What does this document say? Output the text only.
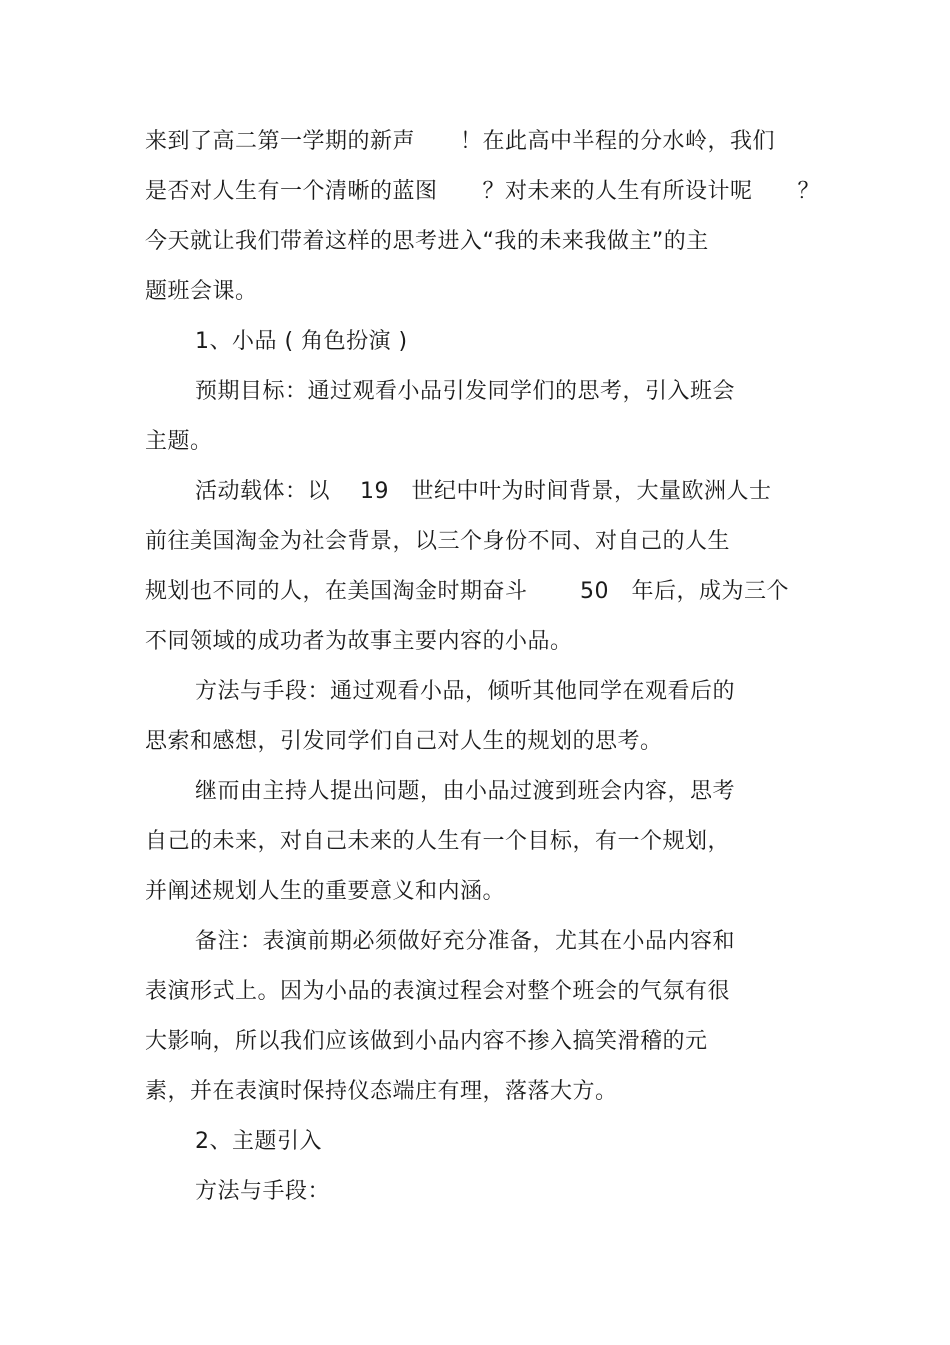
来到了高二第一学期的新声　　！在此高中半程的分水岭，我们
是否对人生有一个清晰的蓝图　　？对未来的人生有所设计呢　　？
今天就让我们带着这样的思考进入“我的未来我做主”的主
题班会课。
1、小品 ( 角色扮演 )
预期目标：通过观看小品引发同学们的思考，引入班会
主题。
活动载体：以　 19　世纪中叶为时间背景，大量欧洲人士
前往美国淘金为社会背景，以三个身份不同、对自己的人生
规划也不同的人，在美国淘金时期奋斗　　 50　年后，成为三个
不同领域的成功者为故事主要内容的小品。
方法与手段：通过观看小品，倾听其他同学在观看后的
思索和感想，引发同学们自己对人生的规划的思考。
继而由主持人提出问题，由小品过渡到班会内容，思考
自己的未来，对自己未来的人生有一个目标，有一个规划，
并阐述规划人生的重要意义和内涵。
备注：表演前期必须做好充分准备，尤其在小品内容和
表演形式上。因为小品的表演过程会对整个班会的气氛有很
大影响，所以我们应该做到小品内容不掺入搞笑滑稽的元
素，并在表演时保持仪态端庄有理，落落大方。
2、主题引入
方法与手段：
